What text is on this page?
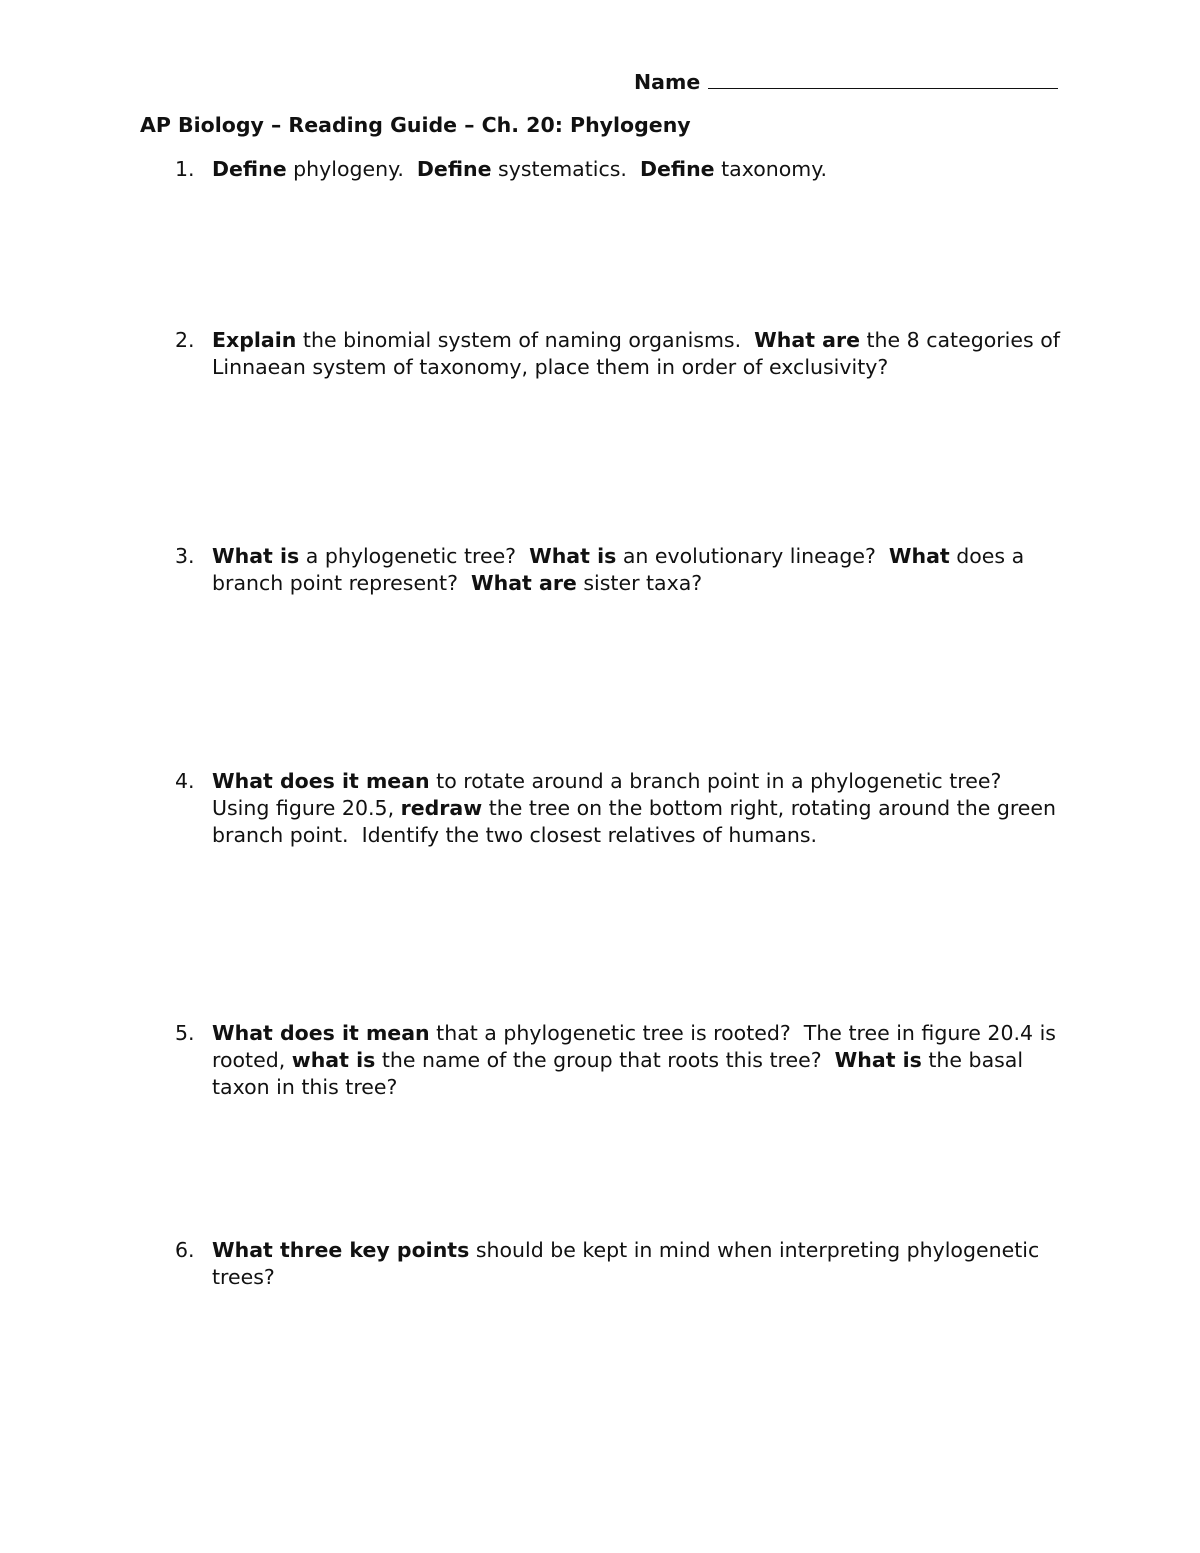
Name
AP Biology – Reading Guide – Ch. 20: Phylogeny
1. Define phylogeny.  Define systematics.  Define taxonomy.
2. Explain the binomial system of naming organisms.  What are the 8 categories of Linnaean system of taxonomy, place them in order of exclusivity?
3. What is a phylogenetic tree?  What is an evolutionary lineage?  What does a branch point represent?  What are sister taxa?
4. What does it mean to rotate around a branch point in a phylogenetic tree?  Using figure 20.5, redraw the tree on the bottom right, rotating around the green branch point.  Identify the two closest relatives of humans.
5. What does it mean that a phylogenetic tree is rooted?  The tree in figure 20.4 is rooted, what is the name of the group that roots this tree?  What is the basal taxon in this tree?
6. What three key points should be kept in mind when interpreting phylogenetic trees?
